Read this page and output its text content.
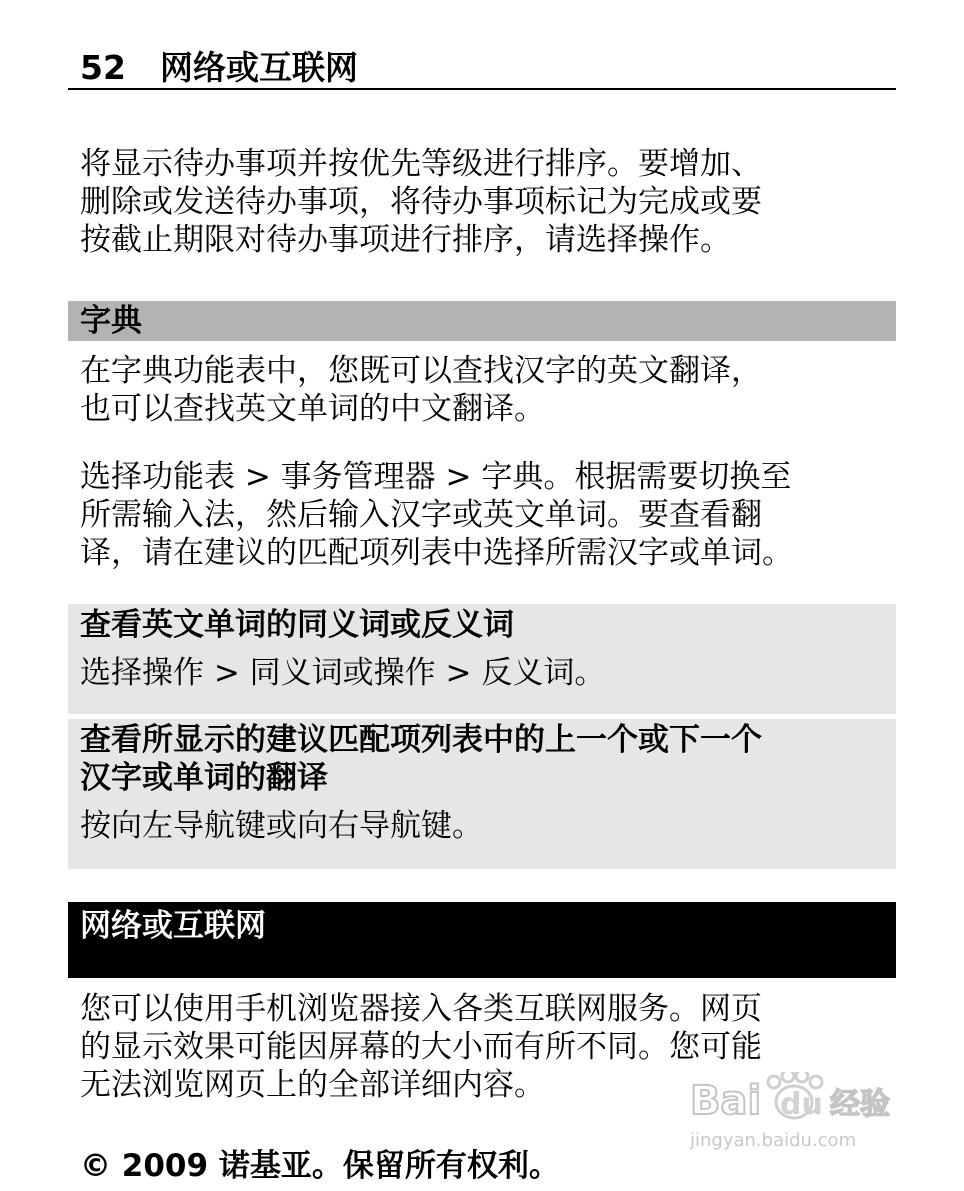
52 网络或互联网

将显示待办事项并按优先等级进行排序。要增加、
删除或发送待办事项，将待办事项标记为完成或要
按截止期限对待办事项进行排序，请选择操作。

字典

在字典功能表中，您既可以查找汉字的英文翻译，
也可以查找英文单词的中文翻译。

选择功能表 > 事务管理器 > 字典。根据需要切换至
所需输入法，然后输入汉字或英文单词。要查看翻
译，请在建议的匹配项列表中选择所需汉字或单词。

查看英文单词的同义词或反义词
选择操作 > 同义词或操作 > 反义词。

查看所显示的建议匹配项列表中的上一个或下一个
汉字或单词的翻译
按向左导航键或向右导航键。

网络或互联网

您可以使用手机浏览器接入各类互联网服务。网页
的显示效果可能因屏幕的大小而有所不同。您可能
无法浏览网页上的全部详细内容。	Bai du 经验
jingyan.baidu.com
© 2009 诺基亚。保留所有权利。
